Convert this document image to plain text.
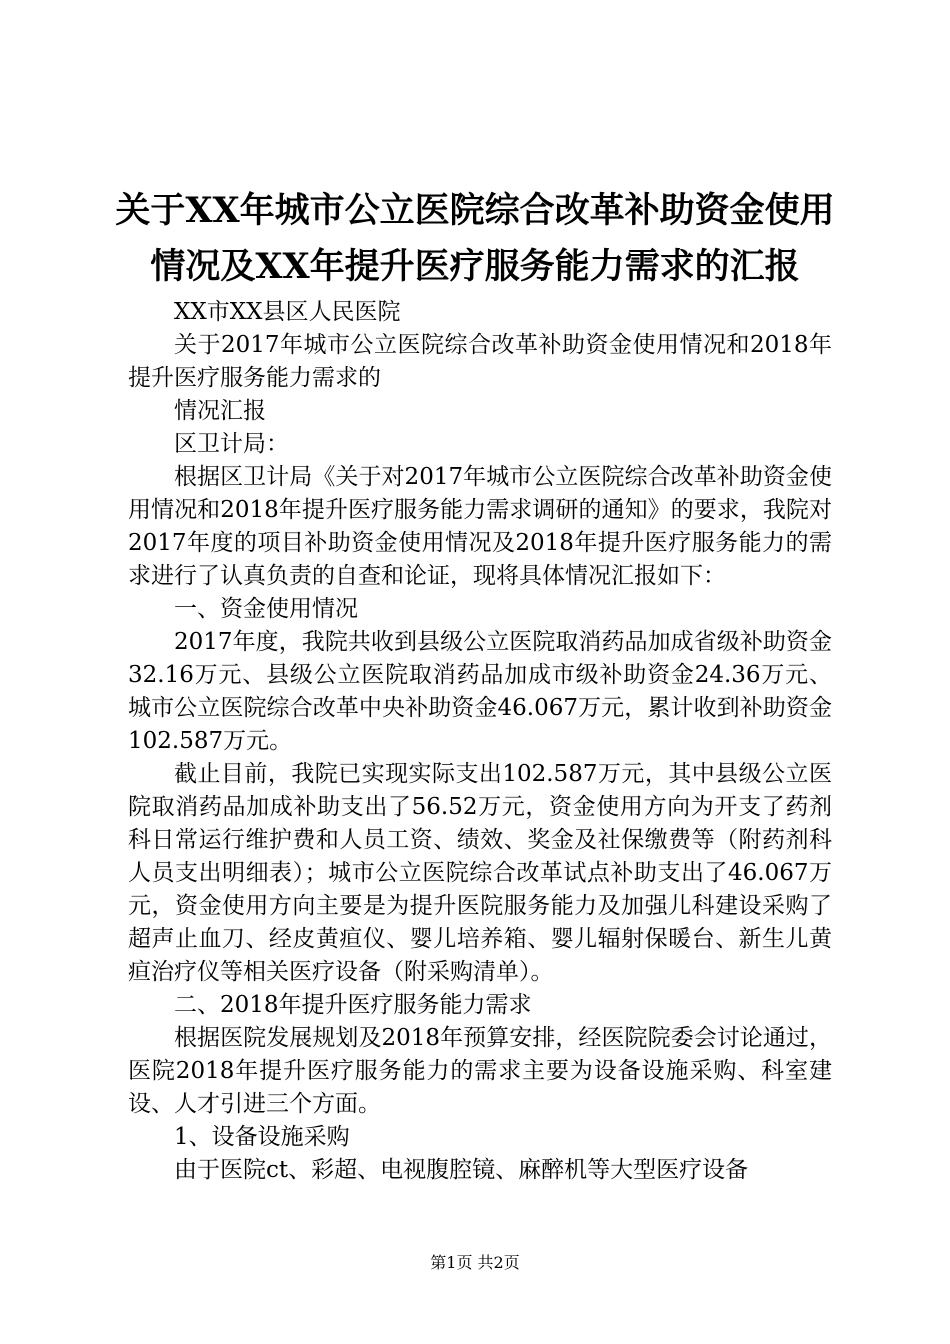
关于XX年城市公立医院综合改革补助资金使用情况及XX年提升医疗服务能力需求的汇报

XX市XX县区人民医院

关于2017年城市公立医院综合改革补助资金使用情况和2018年提升医疗服务能力需求的

情况汇报

区卫计局：

根据区卫计局《关于对2017年城市公立医院综合改革补助资金使用情况和2018年提升医疗服务能力需求调研的通知》的要求，我院对2017年度的项目补助资金使用情况及2018年提升医疗服务能力的需求进行了认真负责的自查和论证，现将具体情况汇报如下：

一、资金使用情况

2017年度，我院共收到县级公立医院取消药品加成省级补助资金32.16万元、县级公立医院取消药品加成市级补助资金24.36万元、城市公立医院综合改革中央补助资金46.067万元，累计收到补助资金102.587万元。

截止目前，我院已实现实际支出102.587万元，其中县级公立医院取消药品加成补助支出了56.52万元，资金使用方向为开支了药剂科日常运行维护费和人员工资、绩效、奖金及社保缴费等（附药剂科人员支出明细表）；城市公立医院综合改革试点补助支出了46.067万元，资金使用方向主要是为提升医院服务能力及加强儿科建设采购了超声止血刀、经皮黄疸仪、婴儿培养箱、婴儿辐射保暖台、新生儿黄疸治疗仪等相关医疗设备（附采购清单）。

二、2018年提升医疗服务能力需求

根据医院发展规划及2018年预算安排，经医院院委会讨论通过，医院2018年提升医疗服务能力的需求主要为设备设施采购、科室建设、人才引进三个方面。

1、设备设施采购

由于医院ct、彩超、电视腹腔镜、麻醉机等大型医疗设备

第1页 共2页
